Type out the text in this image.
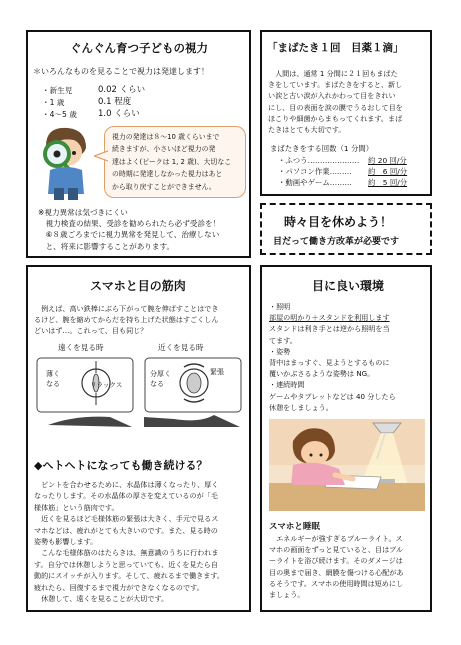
ぐんぐん育つ子どもの視力
＊いろんなものを見ることで視力は発達します！
・新生児	0.02 くらい
・1 歳	0.1 程度
・4～5 歳 1.0 くらい
視力の発達は８～10 歳くらいまで
続きますが、小さいほど視力の発
達はよく(ピークは 1, 2 歳)、大切なこ
の時期に発達しなかった視力はあと
から取り戻すことができません。
※視力異常は気づきにくい
　視力検査の結果、受診を勧められたら必ず受診を！
　⑥８歳ごろまでに視力異常を発見して、治療しない
　と、将来に影響することがあります。
「まばたき１回　目薬１滴」
　人間は、通常 1 分間に２１回もまばた
きをしています。まばたきをすると、新し
い涙と古い涙が入れかわって目をきれい
にし、目の表面を涙の膜でうるおして目を
ほこりや細菌からまもってくれます。まば
たきはとても大切です。
まばたきをする回数（1 分間）
・ふつう………………… 約 20 回/分
・パソコン作業……… 約　6 回/分
・動画やゲーム……… 約　5 回/分
時々目を休めよう！
目だって働き方改革が必要です
スマホと目の筋肉
　例えば、高い鉄棒にぶら下がって腕を伸ばすことはでき
るけど、腕を縮めてからだを持ち上げた状態はすごくしん
どいはず…。これって、目も同じ？
遠くを見る時
薄く
なる	リラックス
近くを見る時
分厚く
なる
緊張
◆ヘトヘトになっても働き続ける？
　ピントを合わせるために、水晶体は薄くなったり、厚く
なったりします。その水晶体の厚さを変えているのが「毛
様体筋」という筋肉です。
　近くを見るほど毛様体筋の緊張は大きく、手元で見るス
マホなどは、疲れがとても大きいのです。また、見る時の
姿勢も影響します。
　こんな毛様体筋のはたらきは、無意識のうちに行われま
す。自分では休憩しようと思っていても、近くを見たら自
動的にスイッチが入ります。そして、疲れるまで働きます。
疲れたら、回復するまで視力ができなくなるのです。
　休憩して、遠くを見ることが大切です。
目に良い環境
・照明
部屋の明かり＋スタンドを利用します
スタンドは利き手とは逆から照明を当
てます。
・姿勢
背中はまっすぐ、見ようとするものに
覆いかぶさるような姿勢は NG。
・連続時間
ゲームやタブレットなどは 40 分したら
休憩をしましょう。
スマホと睡眠
　エネルギーが強すぎるブルーライト。ス
マホの画面をずっと見ていると、目はブル
ーライトを浴び続けます。そのダメージは
目の奥まで届き、網膜を傷つける心配があ
るそうです。スマホの使用時間は短めにし
ましょう。
